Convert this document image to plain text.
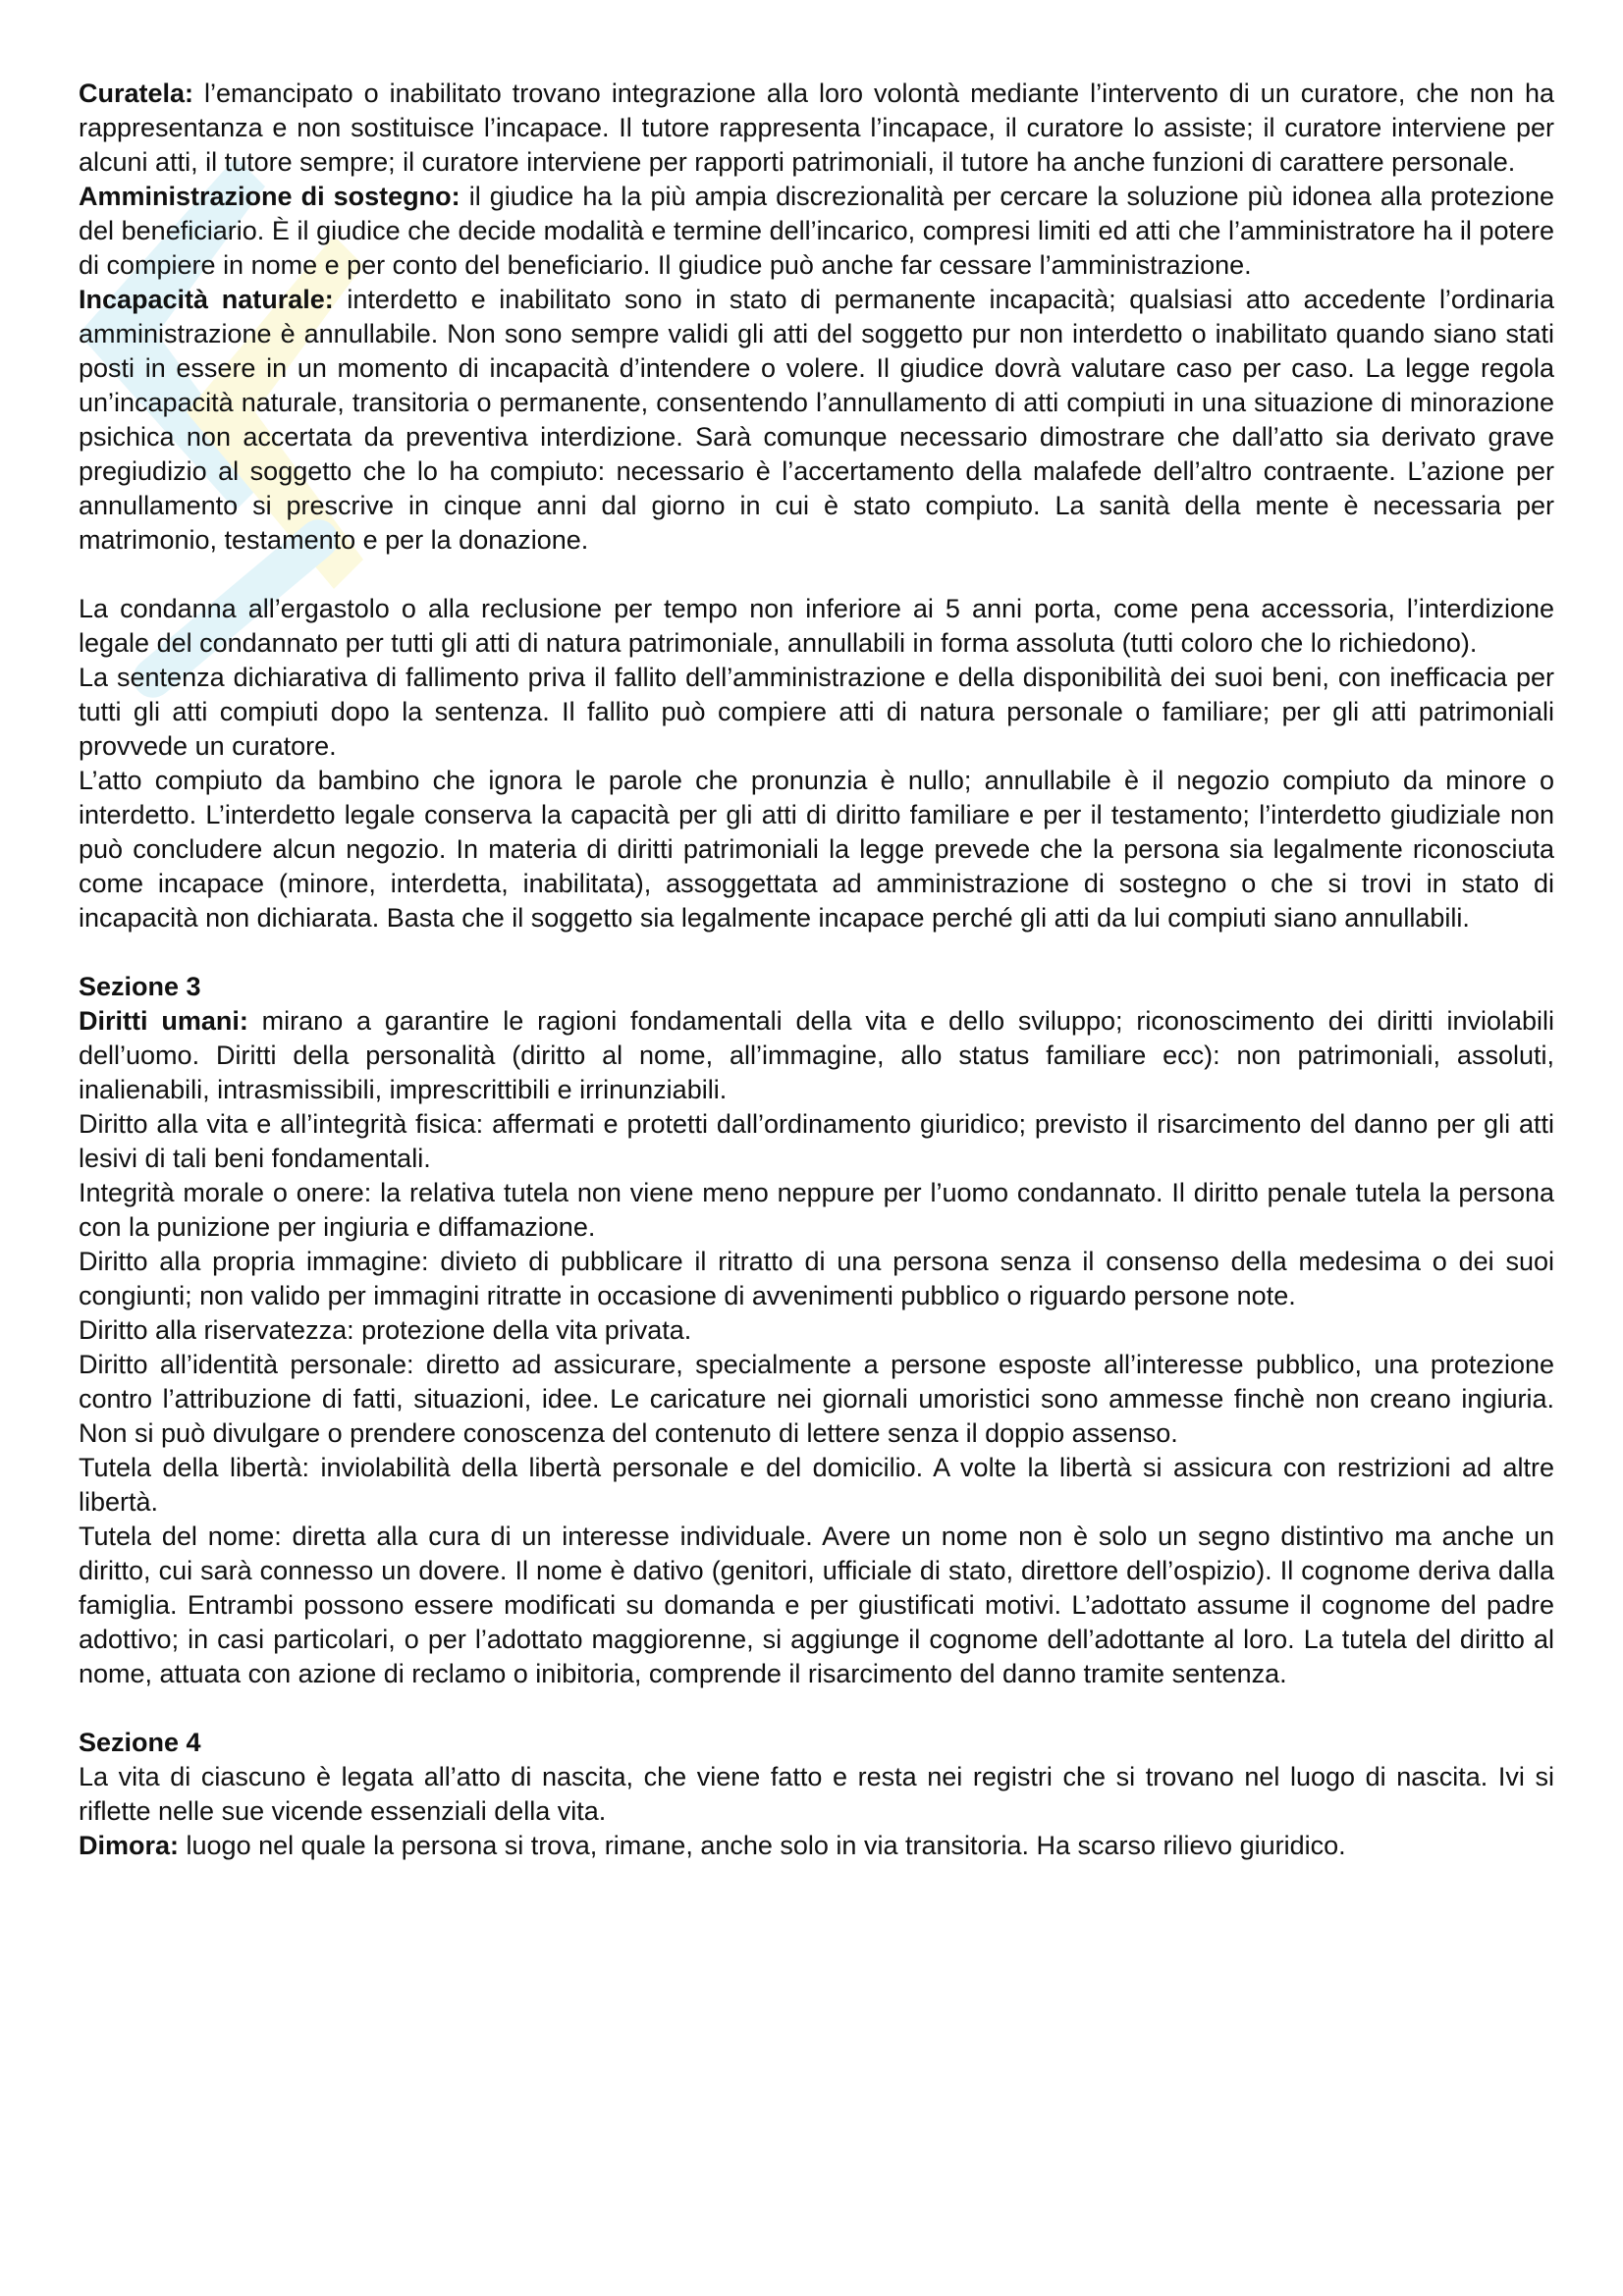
Curatela: l’emancipato o inabilitato trovano integrazione alla loro volontà mediante l’intervento di un curatore, che non ha rappresentanza e non sostituisce l’incapace. Il tutore rappresenta l’incapace, il curatore lo assiste; il curatore interviene per alcuni atti, il tutore sempre; il curatore interviene per rapporti patrimoniali, il tutore ha anche funzioni di carattere personale.

Amministrazione di sostegno: il giudice ha la più ampia discrezionalità per cercare la soluzione più idonea alla protezione del beneficiario. È il giudice che decide modalità e termine dell’incarico, compresi limiti ed atti che l’amministratore ha il potere di compiere in nome e per conto del beneficiario. Il giudice può anche far cessare l’amministrazione.

Incapacità naturale: interdetto e inabilitato sono in stato di permanente incapacità; qualsiasi atto accedente l’ordinaria amministrazione è annullabile. Non sono sempre validi gli atti del soggetto pur non interdetto o inabilitato quando siano stati posti in essere in un momento di incapacità d’intendere o volere. Il giudice dovrà valutare caso per caso. La legge regola un’incapacità naturale, transitoria o permanente, consentendo l’annullamento di atti compiuti in una situazione di minorazione psichica non accertata da preventiva interdizione. Sarà comunque necessario dimostrare che dall’atto sia derivato grave pregiudizio al soggetto che lo ha compiuto: necessario è l’accertamento della malafede dell’altro contraente. L’azione per annullamento si prescrive in cinque anni dal giorno in cui è stato compiuto. La sanità della mente è necessaria per matrimonio, testamento e per la donazione.

La condanna all’ergastolo o alla reclusione per tempo non inferiore ai 5 anni porta, come pena accessoria, l’interdizione legale del condannato per tutti gli atti di natura patrimoniale, annullabili in forma assoluta (tutti coloro che lo richiedono).

La sentenza dichiarativa di fallimento priva il fallito dell’amministrazione e della disponibilità dei suoi beni, con inefficacia per tutti gli atti compiuti dopo la sentenza. Il fallito può compiere atti di natura personale o familiare; per gli atti patrimoniali provvede un curatore.

L’atto compiuto da bambino che ignora le parole che pronunzia è nullo; annullabile è il negozio compiuto da minore o interdetto. L’interdetto legale conserva la capacità per gli atti di diritto familiare e per il testamento; l’interdetto giudiziale non può concludere alcun negozio. In materia di diritti patrimoniali la legge prevede che la persona sia legalmente riconosciuta come incapace (minore, interdetta, inabilitata), assoggettata ad amministrazione di sostegno o che si trovi in stato di incapacità non dichiarata. Basta che il soggetto sia legalmente incapace perché gli atti da lui compiuti siano annullabili.

Sezione 3

Diritti umani: mirano a garantire le ragioni fondamentali della vita e dello sviluppo; riconoscimento dei diritti inviolabili dell’uomo. Diritti della personalità (diritto al nome, all’immagine, allo status familiare ecc): non patrimoniali, assoluti, inalienabili, intrasmissibili, imprescrittibili e irrinunziabili.

Diritto alla vita e all’integrità fisica: affermati e protetti dall’ordinamento giuridico; previsto il risarcimento del danno per gli atti lesivi di tali beni fondamentali.

Integrità morale o onere: la relativa tutela non viene meno neppure per l’uomo condannato. Il diritto penale tutela la persona con la punizione per ingiuria e diffamazione.

Diritto alla propria immagine: divieto di pubblicare il ritratto di una persona senza il consenso della medesima o dei suoi congiunti; non valido per immagini ritratte in occasione di avvenimenti pubblico o riguardo persone note.

Diritto alla riservatezza: protezione della vita privata.

Diritto all’identità personale: diretto ad assicurare, specialmente a persone esposte all’interesse pubblico, una protezione contro l’attribuzione di fatti, situazioni, idee. Le caricature nei giornali umoristici sono ammesse finchè non creano ingiuria. Non si può divulgare o prendere conoscenza del contenuto di lettere senza il doppio assenso.

Tutela della libertà: inviolabilità della libertà personale e del domicilio. A volte la libertà si assicura con restrizioni ad altre libertà.

Tutela del nome: diretta alla cura di un interesse individuale. Avere un nome non è solo un segno distintivo ma anche un diritto, cui sarà connesso un dovere. Il nome è dativo (genitori, ufficiale di stato, direttore dell’ospizio). Il cognome deriva dalla famiglia. Entrambi possono essere modificati su domanda e per giustificati motivi. L’adottato assume il cognome del padre adottivo; in casi particolari, o per l’adottato maggiorenne, si aggiunge il cognome dell’adottante al loro. La tutela del diritto al nome, attuata con azione di reclamo o inibitoria, comprende il risarcimento del danno tramite sentenza.

Sezione 4

La vita di ciascuno è legata all’atto di nascita, che viene fatto e resta nei registri che si trovano nel luogo di nascita. Ivi si riflette nelle sue vicende essenziali della vita.

Dimora: luogo nel quale la persona si trova, rimane, anche solo in via transitoria. Ha scarso rilievo giuridico.
